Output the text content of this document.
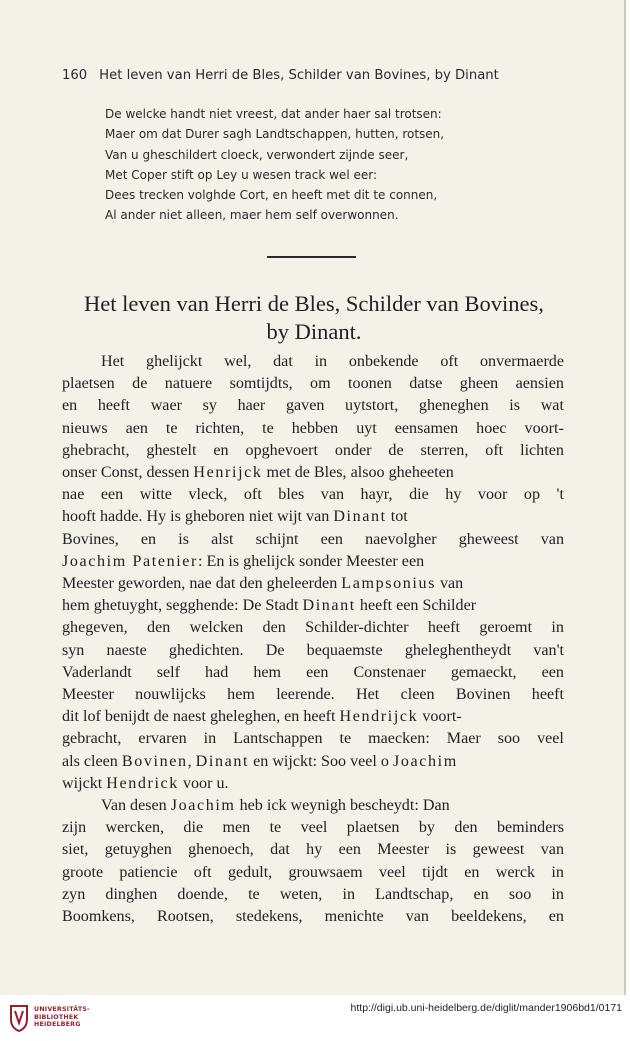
160 Het leven van Herri de Bles, Schilder van Bovines, by Dinant
De welcke handt niet vreest, dat ander haer sal trotsen:
Maer om dat Durer sagh Landtschappen, hutten, rotsen,
Van u gheschildert cloeck, verwondert zijnde seer,
Met Coper stift op Ley u wesen track wel eer:
Dees trecken volghde Cort, en heeft met dit te connen,
Al ander niet alleen, maer hem self overwonnen.
Het leven van Herri de Bles, Schilder van Bovines,
by Dinant.
Het ghelijckt wel, dat in onbekende oft onvermaerde
plaetsen de natuere somtijdts, om toonen datse gheen aensien
en heeft waer sy haer gaven uytstort, gheneghen is wat
nieuws aen te richten, te hebben uyt eensamen hoec voort-
ghebracht, ghestelt en opghevoert onder de sterren, oft lichten
onser Const, dessen Henrijck met de Bles, alsoo gheheeten
nae een witte vleck, oft bles van hayr, die hy voor op 't
hooft hadde. Hy is gheboren niet wijt van Dinant tot
Bovines, en is alst schijnt een naevolgher gheweest van
Joachim Patenier : En is ghelijck sonder Meester een
Meester geworden, nae dat den gheleerden Lampsonius van
hem ghetuyght, segghende: De Stadt Dinant heeft een Schilder
ghegeven, den welcken den Schilder-dichter heeft geroemt in
syn naeste ghedichten. De bequaemste gheleghentheydt van't
Vaderlandt self had hem een Constenaer gemaeckt, een
Meester nouwlijcks hem leerende. Het cleen Bovinen heeft
dit lof benijdt de naest gheleghen, en heeft Hendrijck voort-
gebracht, ervaren in Lantschappen te maecken: Maer soo veel
als cleen Bovinen , Dinant en wijckt: Soo veel o Joachim
wijckt Hendrick voor u.
Van desen Joachim heb ick weynigh bescheydt: Dan
zijn wercken, die men te veel plaetsen by den beminders
siet, getuyghen ghenoech, dat hy een Meester is geweest van
groote patiencie oft gedult, grouwsaem veel tijdt en werck in
zyn dinghen doende, te weten, in Landtschap, en soo in
Boomkens, Rootsen, stedekens, menichte van beeldekens, en
UNIVERSITÄTS-
BIBLIOTHEK
HEIDELBERG
http://digi.ub.uni-heidelberg.de/diglit/mander1906bd1/0171
